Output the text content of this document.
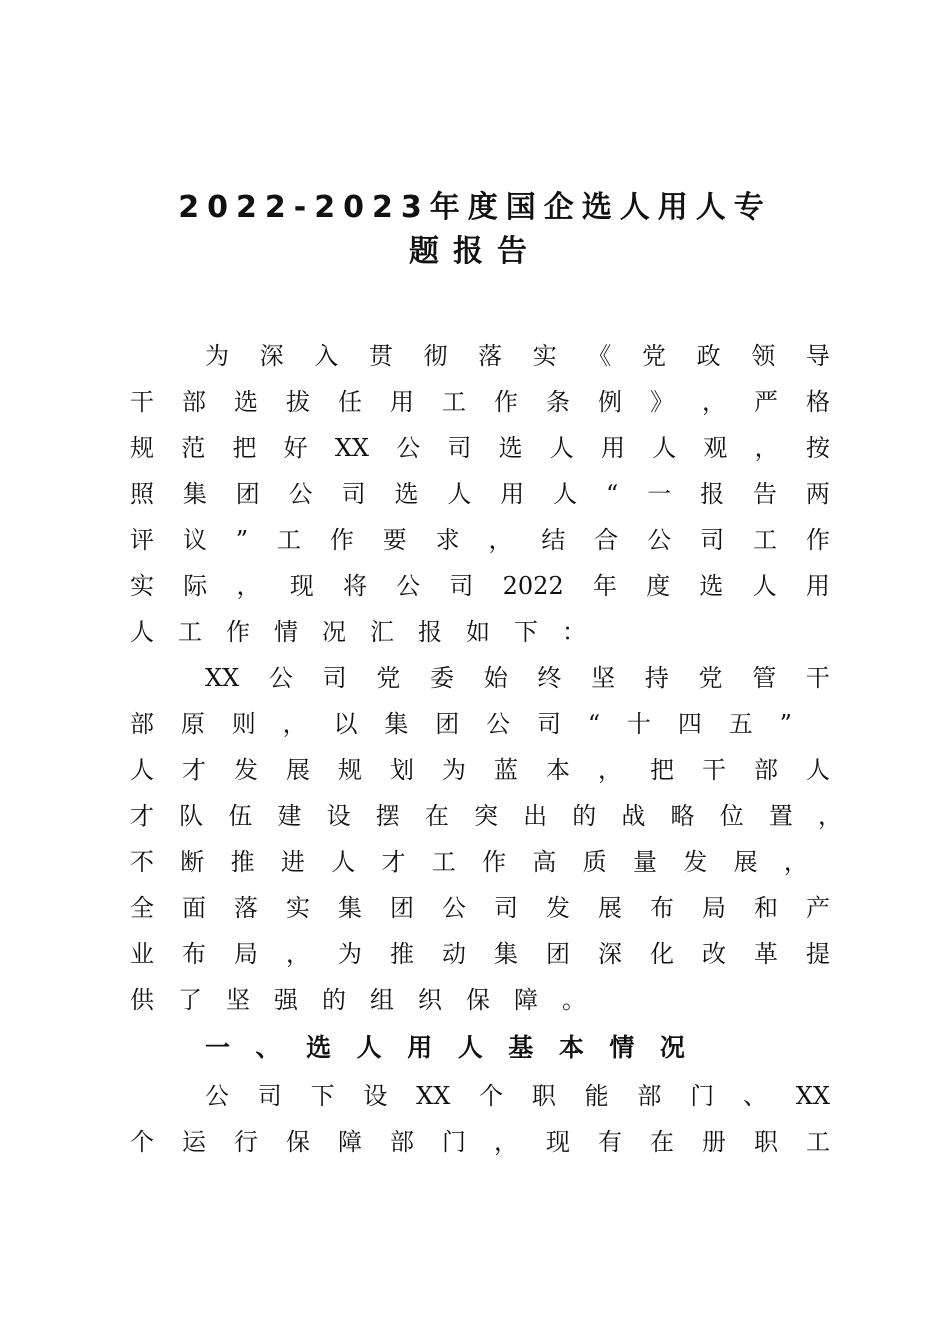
2022-2023年度国企选人用人专
题报告
为 深 入 贯 彻 落 实 《 党 政 领 导
干 部 选 拔 任 用 工 作 条 例 》 ， 严 格
规 范 把 好 XX 公 司 选 人 用 人 观 ， 按
照 集 团 公 司 选 人 用 人 “ 一 报 告 两
评 议 ” 工 作 要 求 ， 结 合 公 司 工 作
实 际 ， 现 将 公 司 2022 年 度 选 人 用
人 工 作 情 况 汇 报 如 下 ：
XX 公 司 党 委 始 终 坚 持 党 管 干
部 原 则 ， 以 集 团 公 司 “ 十 四 五 ”
人 才 发 展 规 划 为 蓝 本 ， 把 干 部 人
才 队 伍 建 设 摆 在 突 出 的 战 略 位 置 ，
不 断 推 进 人 才 工 作 高 质 量 发 展 ，
全 面 落 实 集 团 公 司 发 展 布 局 和 产
业 布 局 ， 为 推 动 集 团 深 化 改 革 提
供 了 坚 强 的 组 织 保 障 。
一 、 选 人 用 人 基 本 情 况
公 司 下 设 XX 个 职 能 部 门 、 XX
个 运 行 保 障 部 门 ， 现 有 在 册 职 工
